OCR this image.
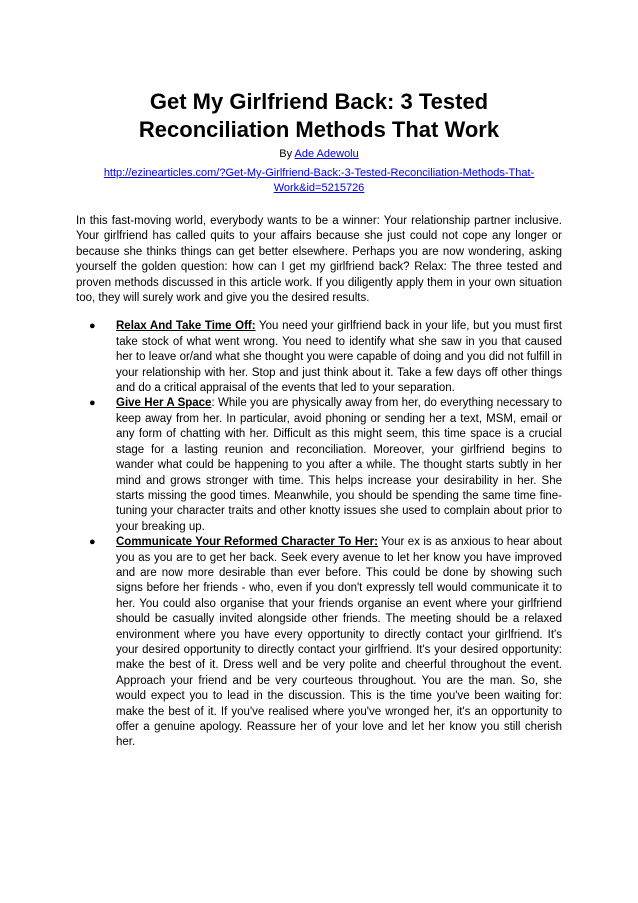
Get My Girlfriend Back: 3 Tested Reconciliation Methods That Work
By Ade Adewolu
http://ezinearticles.com/?Get-My-Girlfriend-Back:-3-Tested-Reconciliation-Methods-That-Work&id=5215726

In this fast-moving world, everybody wants to be a winner: Your relationship partner inclusive. Your girlfriend has called quits to your affairs because she just could not cope any longer or because she thinks things can get better elsewhere. Perhaps you are now wondering, asking yourself the golden question: how can I get my girlfriend back? Relax: The three tested and proven methods discussed in this article work. If you diligently apply them in your own situation too, they will surely work and give you the desired results.

● Relax And Take Time Off: You need your girlfriend back in your life, but you must first take stock of what went wrong. You need to identify what she saw in you that caused her to leave or/and what she thought you were capable of doing and you did not fulfill in your relationship with her. Stop and just think about it. Take a few days off other things and do a critical appraisal of the events that led to your separation.
● Give Her A Space: While you are physically away from her, do everything necessary to keep away from her. In particular, avoid phoning or sending her a text, MSM, email or any form of chatting with her. Difficult as this might seem, this time space is a crucial stage for a lasting reunion and reconciliation. Moreover, your girlfriend begins to wander what could be happening to you after a while. The thought starts subtly in her mind and grows stronger with time. This helps increase your desirability in her. She starts missing the good times. Meanwhile, you should be spending the same time fine-tuning your character traits and other knotty issues she used to complain about prior to your breaking up.
● Communicate Your Reformed Character To Her: Your ex is as anxious to hear about you as you are to get her back. Seek every avenue to let her know you have improved and are now more desirable than ever before. This could be done by showing such signs before her friends - who, even if you don't expressly tell would communicate it to her. You could also organise that your friends organise an event where your girlfriend should be casually invited alongside other friends. The meeting should be a relaxed environment where you have every opportunity to directly contact your girlfriend. It's your desired opportunity to directly contact your girlfriend. It's your desired opportunity: make the best of it. Dress well and be very polite and cheerful throughout the event. Approach your friend and be very courteous throughout. You are the man. So, she would expect you to lead in the discussion. This is the time you've been waiting for: make the best of it. If you've realised where you've wronged her, it's an opportunity to offer a genuine apology. Reassure her of your love and let her know you still cherish her.
